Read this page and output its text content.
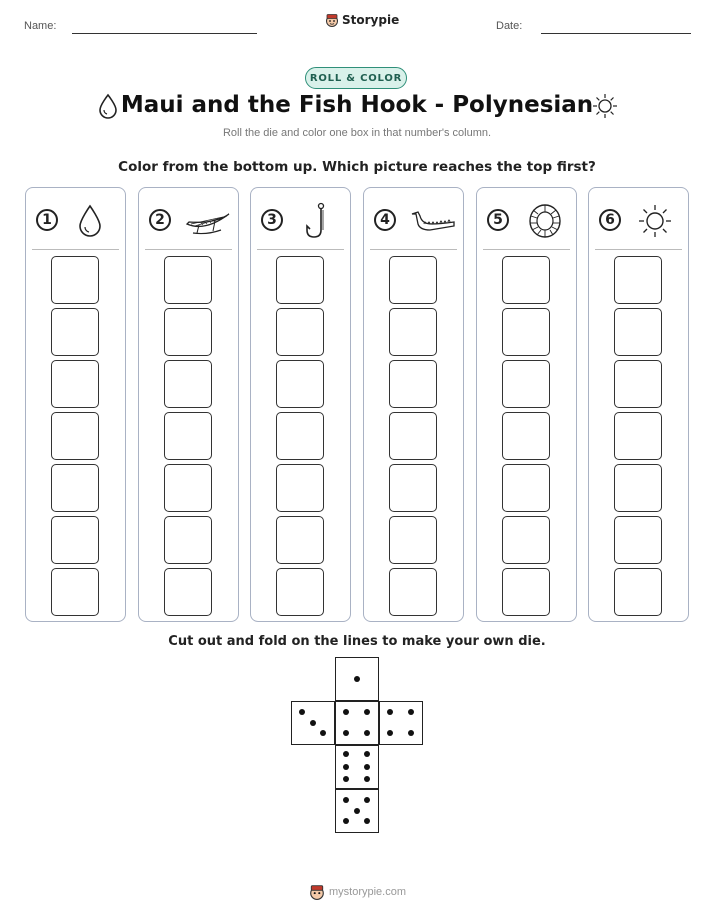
Name:	Storypie	Date:
ROLL & COLOR
Maui and the Fish Hook - Polynesian
Roll the die and color one box in that number's column.
Color from the bottom up. Which picture reaches the top first?
1	2	3	4	5	6
Cut out and fold on the lines to make your own die.
mystorypie.com
